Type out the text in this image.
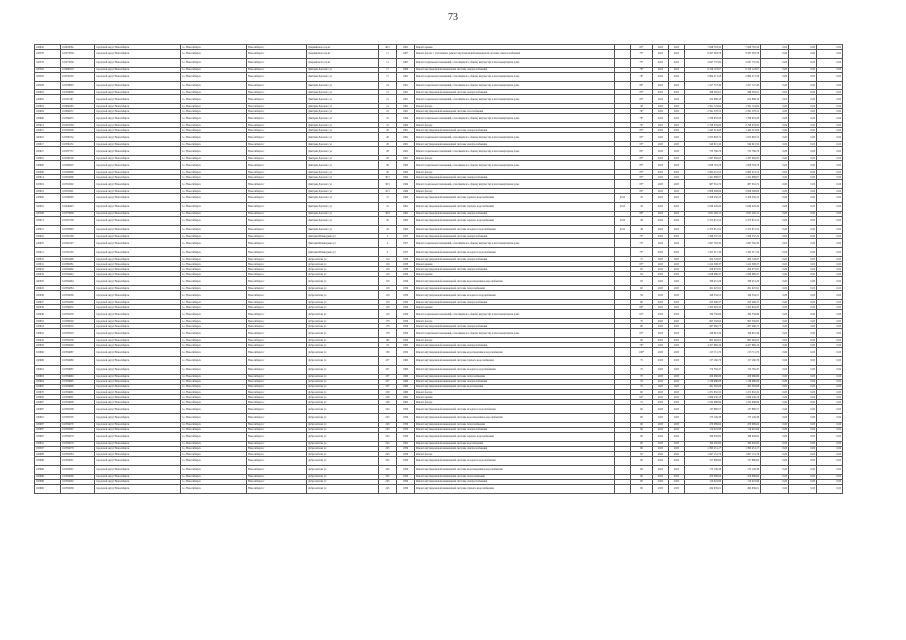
73
100642	110945082	городской округ Новосибирск	г.о. Новосибирск	Новосибирск г	Дзержинского пр-кт	40/1	1961	Ремонт крыши		83*	2025	2025	7 928 783,34	7 928 783,34	0,00	0,00	0,00
100578	110375039	городской округ Новосибирск	г.о. Новосибирск	Новосибирск г	Дзержинского пр-кт	11	1967	Ремонт фасада с утеплением, ремонт внутридомовой инженерной системы электроснабжения		75*	2025	2025	8 567 563,78	8 567 563,78	0,00	0,00	0,00
100578	110375039	городской округ Новосибирск	г.о. Новосибирск	Новосибирск г	Дзержинского пр-кт	11	1967	Ремонт подвальных помещений, относящихся к общему имуществу в многоквартирном доме		75*	2025	2025	2 647 737,82	2 647 737,82	0,00	0,00	0,00
100582	110680520	городской округ Новосибирск	г.о. Новосибирск	Новосибирск г	Дмитрия Донского ул	17	1966	Ремонт внутридомовой инженерной системы электроснабжения		79*	2025	2025	6 310 123,07	6 310 123,07	0,00	0,00	0,00
100592	110558102	городской округ Новосибирск	г.о. Новосибирск	Новосибирск г	Дмитрия Донского ул	17	1961	Ремонт подвальных помещений, относящихся к общему имуществу в многоквартирном доме		79*	2025	2025	2 894 471,58	2 894 471,58	0,00	0,00	0,00
100599	110558603	городской округ Новосибирск	г.о. Новосибирск	Новосибирск г	Дмитрия Донского ул	19	1961	Ремонт подвальных помещений, относящихся к общему имуществу в многоквартирном доме		80*	2025	2025	1 257 727,40	1 257 727,40	0,00	0,00	0,00
100603	110584698	городской округ Новосибирск	г.о. Новосибирск	Новосибирск г	Дмитрия Донского ул	21	1961	Ремонт внутридомовой инженерной системы электроснабжения		83*	2025	2025	586 565,61	586 565,61	0,00	0,00	0,00
100605	110591167	городской округ Новосибирск	г.о. Новосибирск	Новосибирск г	Дмитрия Донского ул	21	1961	Ремонт подвальных помещений, относящихся к общему имуществу в многоквартирном доме		83*	2025	2025	252 988,18	252 988,18	0,00	0,00	0,00
100603	110666265	городской округ Новосибирск	г.о. Новосибирск	Новосибирск г	Дмитрия Донского ул	21	1961	Ремонт фасада		58	2025	2025	1 591 724,64	1 591 724,64	0,00	0,00	0,00
100604	110666257	городской округ Новосибирск	г.о. Новосибирск	Новосибирск г	Дмитрия Донского ул	23	1961	Ремонт внутридомовой инженерной системы газоснабжения		76*	2025	2025	2 591 378,12	2 591 378,12	0,00	0,00	0,00
100606	110566455	городской округ Новосибирск	г.о. Новосибирск	Новосибирск г	Дмитрия Донского ул	25	1964	Ремонт подвальных помещений, относящихся к общему имуществу в многоквартирном доме		79*	2025	2025	1 796 953,28	1 796 953,28	0,00	0,00	0,00
100614	110364760	городской округ Новосибирск	г.о. Новосибирск	Новосибирск г	Дмитрия Донского ул	25	1964	Ремонт фасада		79*	2025	2025	2 798 079,82	2 798 079,82	0,00	0,00	0,00
100615	110565006	городской округ Новосибирск	г.о. Новосибирск	Новосибирск г	Дмитрия Донского ул	26	1961	Ремонт внутридомовой инженерной системы электроснабжения		83*	2025	2025	1 443 514,08	1 443 514,08	0,00	0,00	0,00
100616	110586132	городской округ Новосибирск	г.о. Новосибирск	Новосибирск г	Дмитрия Донского ул	26	1961	Ремонт подвальных помещений, относящихся к общему имуществу в многоквартирном доме		83*	2025	2025	1 055 993,72	1 055 993,72	0,00	0,00	0,00
100617	110586131	городской округ Новосибирск	г.о. Новосибирск	Новосибирск г	Дмитрия Донского ул	28	1961	Ремонт внутридомовой инженерной системы электроснабжения		83*	2025	2025	540 615,50	540 615,50	0,00	0,00	0,00
100627	110587737	городской округ Новосибирск	г.о. Новосибирск	Новосибирск г	Дмитрия Донского ул	28	1961	Ремонт подвальных помещений, относящихся к общему имуществу в многоквартирном доме		83*	2025	2025	753 786,76	753 786,76	0,00	0,00	0,00
100610	110586709	городской округ Новосибирск	г.о. Новосибирск	Новосибирск г	Дмитрия Донского ул	28	1961	Ремонт фасада		83*	2025	2025	1 287 082,65	1 287 082,65	0,00	0,00	0,00
100606	110560005	городской округ Новосибирск	г.о. Новосибирск	Новосибирск г	Дмитрия Донского ул	30	1963	Ремонт подвальных помещений, относящихся к общему имуществу в многоквартирном доме		83*	2025	2025	1 008 763,78	1 008 763,78	0,00	0,00	0,00
100608	110560669	городской округ Новосибирск	г.о. Новосибирск	Новосибирск г	Дмитрия Донского ул	30	1963	Ремонт фасада		83*	2025	2025	2 985 451,52	2 985 451,52	0,00	0,00	0,00
100614	110564306	городской округ Новосибирск	г.о. Новосибирск	Новосибирск г	Дмитрия Донского ул	30/1	1964	Ремонт внутридомовой инженерной системы электроснабжения		83*	2025	2025	1 421 988,07	1 421 988,07	0,00	0,00	0,00
100619	110561902	городской округ Новосибирск	г.о. Новосибирск	Новосибирск г	Дмитрия Донского ул	30/1	1964	Ремонт подвальных помещений, относящихся к общему имуществу в многоквартирном доме		83*	2025	2025	987 561,74	987 561,74	0,00	0,00	0,00
100619	110561901	городской округ Новосибирск	г.о. Новосибирск	Новосибирск г	Дмитрия Донского ул	30/1	1964	Ремонт фасада		83*	2025	2025	3 008 598,06	3 008 598,06	0,00	0,00	0,00
100609	110566095	городской округ Новосибирск	г.о. Новосибирск	Новосибирск г	Дмитрия Донского ул	31	1963	Ремонт внутридомовой инженерной системы горячего водоснабжения	2013	45	2025	2025	2 456 250,23	2 456 250,23	0,00	0,00	0,00
100610	110648445	городской округ Новосибирск	г.о. Новосибирск	Новосибирск г	Дмитрия Донского ул	41	1961	Ремонт внутридомовой инженерной системы горячего водоснабжения	2013	45	2025	2025	2 636 229,29	2 636 229,29	0,00	0,00	0,00
100598	110579666	городской округ Новосибирск	г.о. Новосибирск	Новосибирск г	Дмитрия Донского ул	30/3	1962	Ремонт внутридомовой инженерной системы электроснабжения		80*	2025	2025	1 651 262,11	1 651 262,11	0,00	0,00	0,00
100613	110591708	городской округ Новосибирск	г.о. Новосибирск	Новосибирск г	Дмитрия Донского ул	45	1963	Ремонт внутридомовой инженерной системы горячего водоснабжения	2012	49	2025	2025	2 475 651,52	2 475 651,52	0,00	0,00	0,00
100615	110585993	городской округ Новосибирск	г.о. Новосибирск	Новосибирск г	Дмитрия Донского ул	45	1963	Ремонт внутридомовой инженерной системы холодного водоснабжения	2012	49	2025	2025	2 475 651,52	2 475 651,52	0,00	0,00	0,00
100622	110582198	городской округ Новосибирск	г.о. Новосибирск	Новосибирск г	Дмитрия Шамшурина ул	4	1957	Ремонт внутридомовой инженерной системы электроснабжения		75*	2025	2025	1 598 537,22	1 598 537,22	0,00	0,00	0,00
100625	110582197	городской округ Новосибирск	г.о. Новосибирск	Новосибирск г	Дмитрия Шамшурина ул	4	1957	Ремонт подвальных помещений, относящихся к общему имуществу в многоквартирном доме		75*	2025	2025	1 997 762,30	1 997 762,30	0,00	0,00	0,00
100621	110582195	городской округ Новосибирск	г.о. Новосибирск	Новосибирск г	Дмитрия Шамшурина ул	4	1957	Ремонт внутридомовой инженерной системы холодного водоснабжения		75*	2025	2025	1 325 317,34	1 325 317,34	0,00	0,00	0,00
100632	110584488	городской округ Новосибирск	г.о. Новосибирск	Новосибирск г	Добролюбова ул	114	1958	Ремонт внутридомовой инженерной системы электроснабжения		75	2025	2025	204 726,87	204 726,87	0,00	0,00	0,00
100631	110586381	городской округ Новосибирск	г.о. Новосибирск	Новосибирск г	Добролюбова ул	116	1958	Ремонт крыши		83*	2025	2025	1 412 598,37	1 412 598,37	0,00	0,00	0,00
100633	110584462	городской округ Новосибирск	г.о. Новосибирск	Новосибирск г	Добролюбова ул	116	1958	Ремонт внутридомовой инженерной системы электроснабжения		65	2025	2025	256 675,81	256 675,81	0,00	0,00	0,00
100634	110584442	городской округ Новосибирск	г.о. Новосибирск	Новосибирск г	Добролюбова ул	118	1959	Ремонт крыши		64	2025	2025	1 628 986,37	1 628 986,37	0,00	0,00	0,00
100635	110584464	городской округ Новосибирск	г.о. Новосибирск	Новосибирск г	Добролюбова ул	118	1959	Ремонт внутридомовой инженерной системы водоотведения и водоснабжения		63	2025	2025	189 451,26	189 451,26	0,00	0,00	0,00
100645	110584384	городской округ Новосибирск	г.о. Новосибирск	Новосибирск г	Добролюбова ул	118	1959	Ремонт внутридомовой инженерной системы теплоснабжения		60	2025	2025	451 025,91	451 025,91	0,00	0,00	0,00
100636	110584569	городской округ Новосибирск	г.о. Новосибирск	Новосибирск г	Добролюбова ул	118	1959	Ремонт внутридомовой инженерной системы холодного водоснабжения		59	2025	2025	196 334,51	196 334,51	0,00	0,00	0,00
100637	110584260	городской округ Новосибирск	г.о. Новосибирск	Новосибирск г	Добролюбова ул	118	1959	Ремонт внутридомовой инженерной системы электроснабжения		60	2025	2025	253 296,37	253 296,37	0,00	0,00	0,00
100639	110588452	городской округ Новосибирск	г.о. Новосибирск	Новосибирск г	Добролюбова ул	118	1959	Ремонт крыши		69*	2025	2025	1 453 604,35	1 453 604,35	0,00	0,00	0,00
100640	110585450	городской округ Новосибирск	г.о. Новосибирск	Новосибирск г	Добролюбова ул	118	1959	Ремонт подвальных помещений, относящихся к общему имуществу в многоквартирном доме		63*	2025	2025	194 756,86	194 756,86	0,00	0,00	0,00
100653	110566500	городской округ Новосибирск	г.о. Новосибирск	Новосибирск г	Добролюбова ул	178	1959	Ремонт фасада		70	2025	2025	905 556,93	905 556,93	0,00	0,00	0,00
100654	110584510	городской округ Новосибирск	г.о. Новосибирск	Новосибирск г	Добролюбова ул	178	1959	Ремонт внутридомовой инженерной системы электроснабжения		60	2025	2025	287 266,75	287 266,75	0,00	0,00	0,00
100652	110583520	городской округ Новосибирск	г.о. Новосибирск	Новосибирск г	Добролюбова ул	178	1959	Ремонт подвальных помещений, относящихся к общему имуществу в многоквартирном доме		63*	2025	2025	169 661,36	169 661,36	0,00	0,00	0,00
100642	110585236	городской округ Новосибирск	г.о. Новосибирск	Новосибирск г	Добролюбова ул	192	1959	Ремонт фасада		60	2025	2025	885 462,03	885 462,03	0,00	0,00	0,00
100658	110584549	городской округ Новосибирск	г.о. Новосибирск	Новосибирск г	Добролюбова ул	18	1963	Ремонт внутридомовой инженерной системы электроснабжения		76*	2025	2025	4 457 669,19	4 457 669,19	0,00	0,00	0,00
100666	110584687	городской округ Новосибирск	г.о. Новосибирск	Новосибирск г	Добролюбова ул	139	1959	Ремонт внутридомовой инженерной системы водоотведения и водоснабжения		108*	2025	2025	213 711,70	213 711,70	0,00	0,00	0,00
100668	110584680	городской округ Новосибирск	г.о. Новосибирск	Новосибирск г	Добролюбова ул	237	1960	Ремонт внутридомовой инженерной системы горячего водоснабжения		75	2025	2025	157 160,79	157 160,79	0,00	0,00	0,00
100661	110584687	городской округ Новосибирск	г.о. Новосибирск	Новосибирск г	Добролюбова ул	237	1960	Ремонт внутридомовой инженерной системы холодного водоснабжения		70	2025	2025	174 782,47	174 782,47	0,00	0,00	0,00
100663	110584694	городской округ Новосибирск	г.о. Новосибирск	Новосибирск г	Добролюбова ул	237	1960	Ремонт внутридомовой инженерной системы теплоснабжения		70	2025	2025	459 086,86	459 086,86	0,00	0,00	0,00
100664	110584695	городской округ Новосибирск	г.о. Новосибирск	Новосибирск г	Добролюбова ул	237	1960	Ремонт внутридомовой инженерной системы электроснабжения		76	2025	2025	1 136 986,06	1 136 986,06	0,00	0,00	0,00
100665	110584699	городской округ Новосибирск	г.о. Новосибирск	Новосибирск г	Добролюбова ул	237	1960	Ремонт внутридомовой инженерной системы водоотведения		70	2025	2025	261 592,06	261 592,06	0,00	0,00	0,00
100670	110584691	городской округ Новосибирск	г.о. Новосибирск	Новосибирск г	Добролюбова ул	239	1960	Ремонт фасада		60	2025	2025	1 471 632,32	1 471 632,32	0,00	0,00	0,00
100685	110584601	городской округ Новосибирск	г.о. Новосибирск	Новосибирск г	Добролюбова ул	239	1962	Ремонт крыши		62*	2025	2025	1 066 230,18	1 066 230,18	0,00	0,00	0,00
100687	110584608	городской округ Новосибирск	г.о. Новосибирск	Новосибирск г	Добролюбова ул	239	1962	Ремонт фасада		75	2025	2025	1 222 988,69	1 222 988,69	0,00	0,00	0,00
100687	110584708	городской округ Новосибирск	г.о. Новосибирск	Новосибирск г	Добролюбова ул	243	1959	Ремонт внутридомовой инженерной системы холодного водоснабжения		60	2025	2025	137 880,57	137 880,57	0,00	0,00	0,00
100681	110584705	городской округ Новосибирск	г.о. Новосибирск	Новосибирск г	Добролюбова ул	243	1959	Ремонт внутридомовой инженерной системы водоотведения и водоснабжения		60	2025	2025	175 149,38	175 149,38	0,00	0,00	0,00
100687	110584576	городской округ Новосибирск	г.о. Новосибирск	Новосибирск г	Добролюбова ул	243	1959	Ремонт внутридомовой инженерной системы теплоснабжения		60	2025	2025	470 089,64	470 089,64	0,00	0,00	0,00
100687	110584567	городской округ Новосибирск	г.о. Новосибирск	Новосибирск г	Добролюбова ул	243	1959	Ремонт внутридомовой инженерной системы электроснабжения		60	2025	2025	110 022,96	110 022,96	0,00	0,00	0,00
100687	110584579	городской округ Новосибирск	г.о. Новосибирск	Новосибирск г	Добролюбова ул	243	1959	Ремонт внутридомовой инженерной системы горячего водоснабжения		60	2025	2025	189 056,92	189 056,92	0,00	0,00	0,00
100652	110584570	городской округ Новосибирск	г.о. Новосибирск	Новосибирск г	Добролюбова ул	243	1962	Ремонт внутридомовой инженерной системы водоотведения		60	2025	2025	194 450,82	194 450,82	0,00	0,00	0,00
100587	110584579	городской округ Новосибирск	г.о. Новосибирск	Новосибирск г	Добролюбова ул	245	1959	Ремонт внутридомовой инженерной системы электроснабжения		80	2025	2025	1 393 451,17	1 393 451,17	0,00	0,00	0,00
100688	110584583	городской округ Новосибирск	г.о. Новосибирск	Новосибирск г	Добролюбова ул	245	1959	Ремонт фасада		83	2025	2025	1 667 151,76	1 667 151,76	0,00	0,00	0,00
100688	110584567	городской округ Новосибирск	г.о. Новосибирск	Новосибирск г	Добролюбова ул	245	1959	Ремонт внутридомовой инженерной системы холодного водоснабжения		60	2025	2025	157 880,60	157 880,60	0,00	0,00	0,00
100688	110584567	городской округ Новосибирск	г.о. Новосибирск	Новосибирск г	Добролюбова ул	245	1959	Ремонт внутридомовой инженерной системы водоотведения и водоснабжения		60	2025	2025	175 149,38	175 149,38	0,00	0,00	0,00
100688	110584568	городской округ Новосибирск	г.о. Новосибирск	Новосибирск г	Добролюбова ул	245	1959	Ремонт внутридомовой инженерной системы теплоснабжения		60	2025	2025	470 089,64	470 089,64	0,00	0,00	0,00
100689	110584592	городской округ Новосибирск	г.о. Новосибирск	Новосибирск г	Добролюбова ул	245	1959	Ремонт внутридомовой инженерной системы электроснабжения		60	2025	2025	110 022,96	110 022,96	0,00	0,00	0,00
100690	110584569	городской округ Новосибирск	г.о. Новосибирск	Новосибирск г	Добролюбова ул	245	1959	Ремонт внутридомовой инженерной системы горячего водоснабжения		60	2025	2025	264 939,01	264 939,01	0,00	0,00	0,00
